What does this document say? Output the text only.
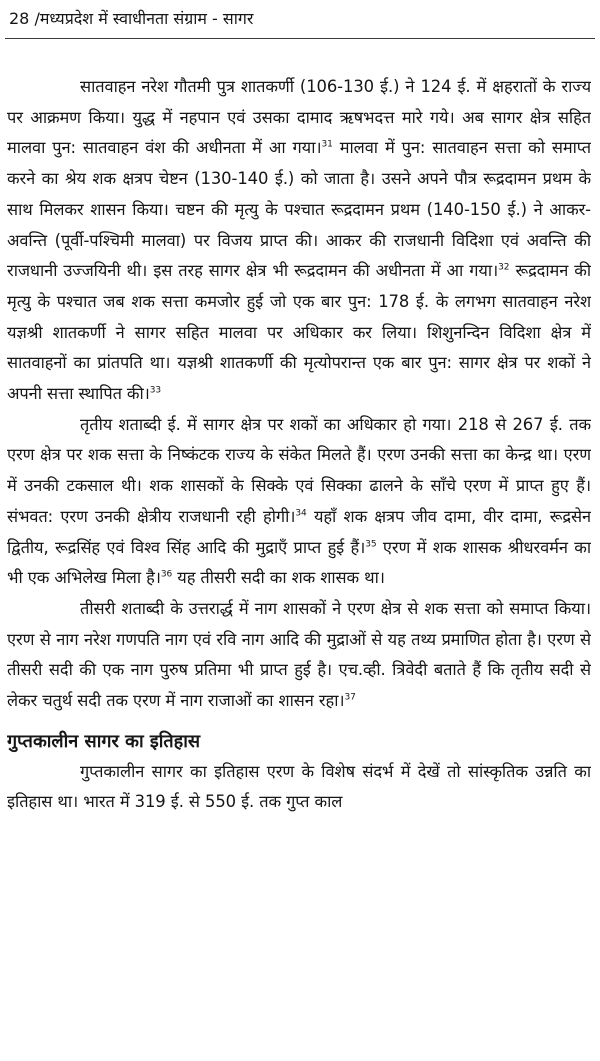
28 /मध्यप्रदेश में स्वाधीनता संग्राम - सागर

सातवाहन नरेश गौतमी पुत्र शातकर्णी (106-130 ई.) ने 124 ई. में क्षहरातों के राज्य पर आक्रमण किया। युद्ध में नहपान एवं उसका दामाद ऋषभदत्त मारे गये। अब सागर क्षेत्र सहित मालवा पुन: सातवाहन वंश की अधीनता में आ गया।$^{31}$ मालवा में पुन: सातवाहन सत्ता को समाप्त करने का श्रेय शक क्षत्रप चेष्टन (130-140 ई.) को जाता है। उसने अपने पौत्र रूद्रदामन प्रथम के साथ मिलकर शासन किया। चष्टन की मृत्यु के पश्चात रूद्रदामन प्रथम (140-150 ई.) ने आकर-अवन्ति (पूर्वी-पश्चिमी मालवा) पर विजय प्राप्त की। आकर की राजधानी विदिशा एवं अवन्ति की राजधानी उज्जयिनी थी। इस तरह सागर क्षेत्र भी रूद्रदामन की अधीनता में आ गया।$^{32}$ रूद्रदामन की मृत्यु के पश्चात जब शक सत्ता कमजोर हुई जो एक बार पुन: 178 ई. के लगभग सातवाहन नरेश यज्ञश्री शातकर्णी ने सागर सहित मालवा पर अधिकार कर लिया। शिशुनन्दिन विदिशा क्षेत्र में सातवाहनों का प्रांतपति था। यज्ञश्री शातकर्णी की मृत्योपरान्त एक बार पुन: सागर क्षेत्र पर शकों ने अपनी सत्ता स्थापित की।$^{33}$

तृतीय शताब्दी ई. में सागर क्षेत्र पर शकों का अधिकार हो गया। 218 से 267 ई. तक एरण क्षेत्र पर शक सत्ता के निष्कंटक राज्य के संकेत मिलते हैं। एरण उनकी सत्ता का केन्द्र था। एरण में उनकी टकसाल थी। शक शासकों के सिक्के एवं सिक्का ढालने के साँचे एरण में प्राप्त हुए हैं। संभवत: एरण उनकी क्षेत्रीय राजधानी रही होगी।$^{34}$ यहाँ शक क्षत्रप जीव दामा, वीर दामा, रूद्रसेन द्वितीय, रूद्रसिंह एवं विश्व सिंह आदि की मुद्राएँ प्राप्त हुई हैं।$^{35}$ एरण में शक शासक श्रीधरवर्मन का भी एक अभिलेख मिला है।$^{36}$ यह तीसरी सदी का शक शासक था।

तीसरी शताब्दी के उत्तरार्द्ध में नाग शासकों ने एरण क्षेत्र से शक सत्ता को समाप्त किया। एरण से नाग नरेश गणपति नाग एवं रवि नाग आदि की मुद्राओं से यह तथ्य प्रमाणित होता है। एरण से तीसरी सदी की एक नाग पुरुष प्रतिमा भी प्राप्त हुई है। एच.व्ही. त्रिवेदी बताते हैं कि तृतीय सदी से लेकर चतुर्थ सदी तक एरण में नाग राजाओं का शासन रहा।$^{37}$

गुप्तकालीन सागर का इतिहास

गुप्तकालीन सागर का इतिहास एरण के विशेष संदर्भ में देखें तो सांस्कृतिक उन्नति का इतिहास था। भारत में 319 ई. से 550 ई. तक गुप्त काल
